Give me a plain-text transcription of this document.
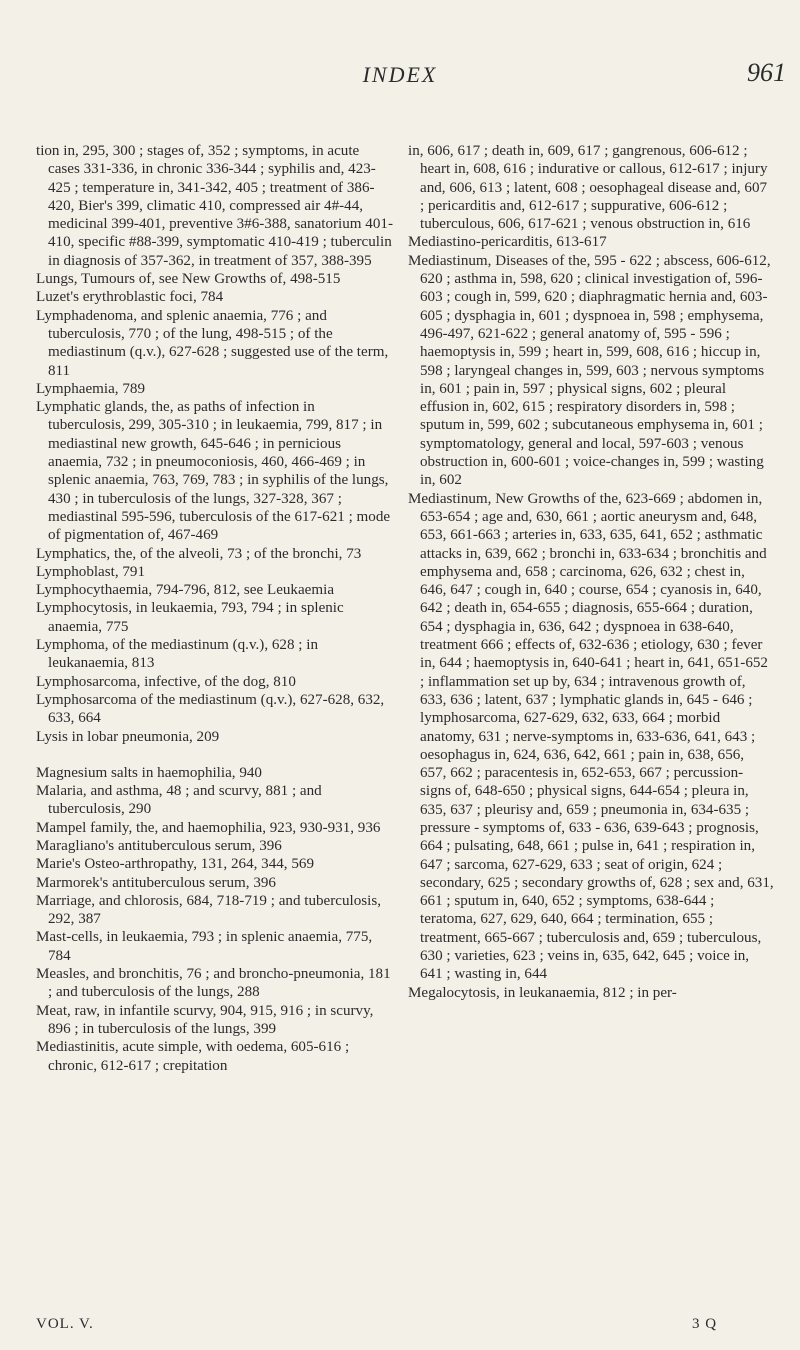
INDEX	961

tion in, 295, 300 ; stages of, 352 ; symptoms, in acute cases 331-336, in chronic 336-344 ; syphilis and, 423-425 ; temperature in, 341-342, 405 ; treatment of 386-420, Bier's 399, climatic 410, compressed air 4#-44, medicinal 399-401, preventive 3#6-388, sanatorium 401-410, specific #88-399, symptomatic 410-419 ; tuberculin in diagnosis of 357-362, in treatment of 357, 388-395

Lungs, Tumours of, see New Growths of, 498-515

Luzet's erythroblastic foci, 784

Lymphadenoma, and splenic anaemia, 776 ; and tuberculosis, 770 ; of the lung, 498-515 ; of the mediastinum (q.v.), 627-628 ; suggested use of the term, 811

Lymphaemia, 789

Lymphatic glands, the, as paths of infection in tuberculosis, 299, 305-310 ; in leukaemia, 799, 817 ; in mediastinal new growth, 645-646 ; in pernicious anaemia, 732 ; in pneumoconiosis, 460, 466-469 ; in splenic anaemia, 763, 769, 783 ; in syphilis of the lungs, 430 ; in tuberculosis of the lungs, 327-328, 367 ; mediastinal 595-596, tuberculosis of the 617-621 ; mode of pigmentation of, 467-469

Lymphatics, the, of the alveoli, 73 ; of the bronchi, 73

Lymphoblast, 791

Lymphocythaemia, 794-796, 812, see Leukaemia

Lymphocytosis, in leukaemia, 793, 794 ; in splenic anaemia, 775

Lymphoma, of the mediastinum (q.v.), 628 ; in leukanaemia, 813

Lymphosarcoma, infective, of the dog, 810

Lymphosarcoma of the mediastinum (q.v.), 627-628, 632, 633, 664

Lysis in lobar pneumonia, 209

Magnesium salts in haemophilia, 940

Malaria, and asthma, 48 ; and scurvy, 881 ; and tuberculosis, 290

Mampel family, the, and haemophilia, 923, 930-931, 936

Maragliano's antituberculous serum, 396

Marie's Osteo-arthropathy, 131, 264, 344, 569

Marmorek's antituberculous serum, 396

Marriage, and chlorosis, 684, 718-719 ; and tuberculosis, 292, 387

Mast-cells, in leukaemia, 793 ; in splenic anaemia, 775, 784

Measles, and bronchitis, 76 ; and broncho-pneumonia, 181 ; and tuberculosis of the lungs, 288

Meat, raw, in infantile scurvy, 904, 915, 916 ; in scurvy, 896 ; in tuberculosis of the lungs, 399

Mediastinitis, acute simple, with oedema, 605-616 ; chronic, 612-617 ; crepitation

in, 606, 617 ; death in, 609, 617 ; gangrenous, 606-612 ; heart in, 608, 616 ; indurative or callous, 612-617 ; injury and, 606, 613 ; latent, 608 ; oesophageal disease and, 607 ; pericarditis and, 612-617 ; suppurative, 606-612 ; tuberculous, 606, 617-621 ; venous obstruction in, 616

Mediastino-pericarditis, 613-617

Mediastinum, Diseases of the, 595 - 622 ; abscess, 606-612, 620 ; asthma in, 598, 620 ; clinical investigation of, 596-603 ; cough in, 599, 620 ; diaphragmatic hernia and, 603-605 ; dysphagia in, 601 ; dyspnoea in, 598 ; emphysema, 496-497, 621-622 ; general anatomy of, 595 - 596 ; haemoptysis in, 599 ; heart in, 599, 608, 616 ; hiccup in, 598 ; laryngeal changes in, 599, 603 ; nervous symptoms in, 601 ; pain in, 597 ; physical signs, 602 ; pleural effusion in, 602, 615 ; respiratory disorders in, 598 ; sputum in, 599, 602 ; subcutaneous emphysema in, 601 ; symptomatology, general and local, 597-603 ; venous obstruction in, 600-601 ; voice-changes in, 599 ; wasting in, 602

Mediastinum, New Growths of the, 623-669 ; abdomen in, 653-654 ; age and, 630, 661 ; aortic aneurysm and, 648, 653, 661-663 ; arteries in, 633, 635, 641, 652 ; asthmatic attacks in, 639, 662 ; bronchi in, 633-634 ; bronchitis and emphysema and, 658 ; carcinoma, 626, 632 ; chest in, 646, 647 ; cough in, 640 ; course, 654 ; cyanosis in, 640, 642 ; death in, 654-655 ; diagnosis, 655-664 ; duration, 654 ; dysphagia in, 636, 642 ; dyspnoea in 638-640, treatment 666 ; effects of, 632-636 ; etiology, 630 ; fever in, 644 ; haemoptysis in, 640-641 ; heart in, 641, 651-652 ; inflammation set up by, 634 ; intravenous growth of, 633, 636 ; latent, 637 ; lymphatic glands in, 645 - 646 ; lymphosarcoma, 627-629, 632, 633, 664 ; morbid anatomy, 631 ; nerve-symptoms in, 633-636, 641, 643 ; oesophagus in, 624, 636, 642, 661 ; pain in, 638, 656, 657, 662 ; paracentesis in, 652-653, 667 ; percussion-signs of, 648-650 ; physical signs, 644-654 ; pleura in, 635, 637 ; pleurisy and, 659 ; pneumonia in, 634-635 ; pressure - symptoms of, 633 - 636, 639-643 ; prognosis, 664 ; pulsating, 648, 661 ; pulse in, 641 ; respiration in, 647 ; sarcoma, 627-629, 633 ; seat of origin, 624 ; secondary, 625 ; secondary growths of, 628 ; sex and, 631, 661 ; sputum in, 640, 652 ; symptoms, 638-644 ; teratoma, 627, 629, 640, 664 ; termination, 655 ; treatment, 665-667 ; tuberculosis and, 659 ; tuberculous, 630 ; varieties, 623 ; veins in, 635, 642, 645 ; voice in, 641 ; wasting in, 644

Megalocytosis, in leukanaemia, 812 ; in per-

VOL. V.	3 Q
